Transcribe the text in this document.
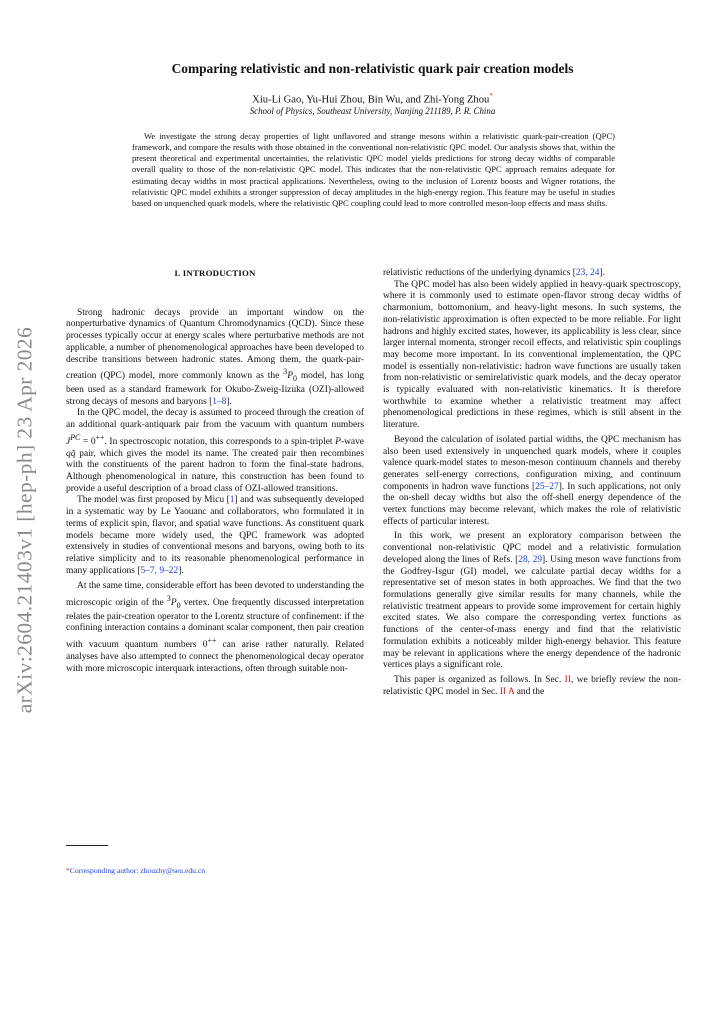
arXiv:2604.21403v1 [hep-ph] 23 Apr 2026
Comparing relativistic and non-relativistic quark pair creation models
Xiu-Li Gao, Yu-Hui Zhou, Bin Wu, and Zhi-Yong Zhou*
School of Physics, Southeast University, Nanjing 211189, P. R. China
We investigate the strong decay properties of light unflavored and strange mesons within a relativistic quark-pair-creation (QPC) framework, and compare the results with those obtained in the conventional non-relativistic QPC model. Our analysis shows that, within the present theoretical and experimental uncertainties, the relativistic QPC model yields predictions for strong decay widths of comparable overall quality to those of the non-relativistic QPC model. This indicates that the non-relativistic QPC approach remains adequate for estimating decay widths in most practical applications. Nevertheless, owing to the inclusion of Lorentz boosts and Wigner rotations, the relativistic QPC model exhibits a stronger suppression of decay amplitudes in the high-energy region. This feature may be useful in studies based on unquenched quark models, where the relativistic QPC coupling could lead to more controlled meson-loop effects and mass shifts.
I. INTRODUCTION

Strong hadronic decays provide an important window on the nonperturbative dynamics of Quantum Chromodynamics (QCD). Since these processes typically occur at energy scales where perturbative methods are not applicable, a number of phenomenological approaches have been developed to describe transitions between hadronic states. Among them, the quark-pair-creation (QPC) model, more commonly known as the $^3P_0$ model, has long been used as a standard framework for Okubo-Zweig-Iizuka (OZI)-allowed strong decays of mesons and baryons [1–8].

In the QPC model, the decay is assumed to proceed through the creation of an additional quark-antiquark pair from the vacuum with quantum numbers $J^{PC} = 0^{++}$. In spectroscopic notation, this corresponds to a spin-triplet P-wave qq̄ pair, which gives the model its name. The created pair then recombines with the constituents of the parent hadron to form the final-state hadrons. Although phenomenological in nature, this construction has been found to provide a useful description of a broad class of OZI-allowed transitions.

The model was first proposed by Micu [1] and was subsequently developed in a systematic way by Le Yaouanc and collaborators, who formulated it in terms of explicit spin, flavor, and spatial wave functions. As constituent quark models became more widely used, the QPC framework was adopted extensively in studies of conventional mesons and baryons, owing both to its relative simplicity and to its reasonable phenomenological performance in many applications [5–7, 9–22].

At the same time, considerable effort has been devoted to understanding the microscopic origin of the $^3P_0$ vertex. One frequently discussed interpretation relates the pair-creation operator to the Lorentz structure of confinement: if the confining interaction contains a dominant scalar component, then pair creation with vacuum quantum numbers 0++ can arise rather naturally. Related analyses have also attempted to connect the phenomenological decay operator with more microscopic interquark interactions, often through suitable non-

relativistic reductions of the underlying dynamics [23, 24].

The QPC model has also been widely applied in heavy-quark spectroscopy, where it is commonly used to estimate open-flavor strong decay widths of charmonium, bottomonium, and heavy-light mesons. In such systems, the non-relativistic approximation is often expected to be more reliable. For light hadrons and highly excited states, however, its applicability is less clear, since larger internal momenta, stronger recoil effects, and relativistic spin couplings may become more important. In its conventional implementation, the QPC model is essentially non-relativistic: hadron wave functions are usually taken from non-relativistic or semirelativistic quark models, and the decay operator is typically evaluated with non-relativistic kinematics. It is therefore worthwhile to examine whether a relativistic treatment may affect phenomenological predictions in these regimes, which is still absent in the literature.

Beyond the calculation of isolated partial widths, the QPC mechanism has also been used extensively in unquenched quark models, where it couples valence quark-model states to meson-meson continuum channels and thereby generates self-energy corrections, configuration mixing, and continuum components in hadron wave functions [25–27]. In such applications, not only the on-shell decay widths but also the off-shell energy dependence of the vertex functions may become relevant, which makes the role of relativistic effects of particular interest.

In this work, we present an exploratory comparison between the conventional non-relativistic QPC model and a relativistic formulation developed along the lines of Refs. [28, 29]. Using meson wave functions from the Godfrey-Isgur (GI) model, we calculate partial decay widths for a representative set of meson states in both approaches. We find that the two formulations generally give similar results for many channels, while the relativistic treatment appears to provide some improvement for certain highly excited states. We also compare the corresponding vertex functions as functions of the center-of-mass energy and find that the relativistic formulation exhibits a noticeably milder high-energy behavior. This feature may be relevant in applications where the energy dependence of the hadronic vertices plays a significant role.

This paper is organized as follows. In Sec. II, we briefly review the non-relativistic QPC model in Sec. II A and the

*Corresponding author: zhouzhy@seu.edu.cn
